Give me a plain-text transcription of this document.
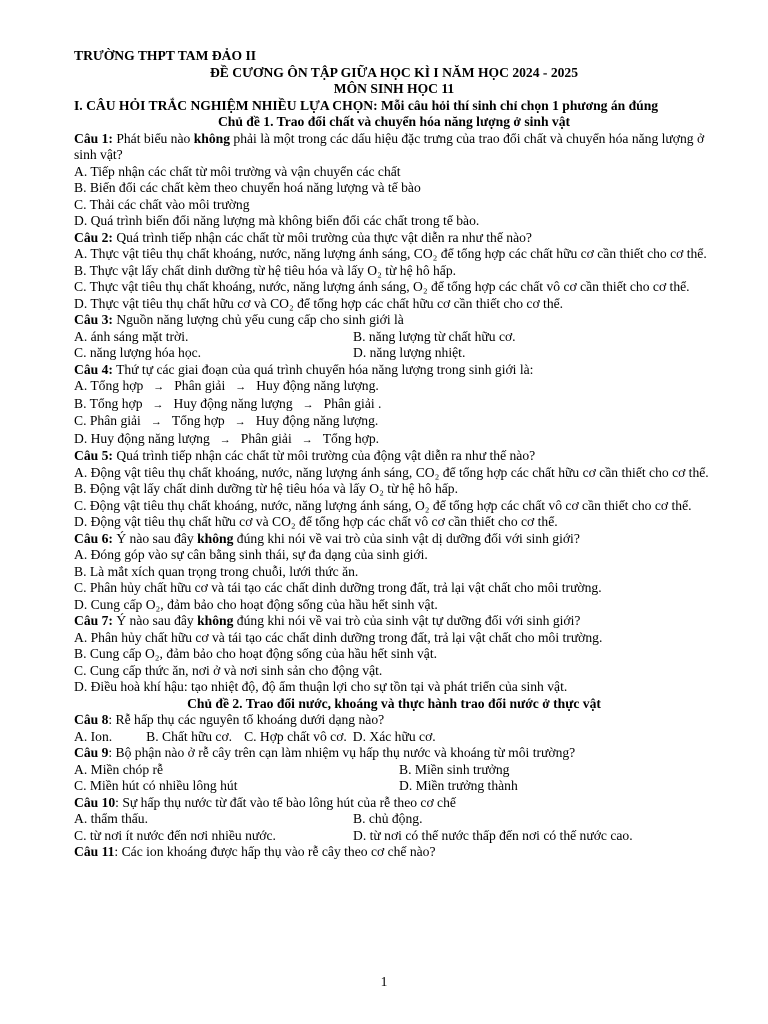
TRƯỜNG THPT TAM ĐẢO II
ĐỀ CƯƠNG ÔN TẬP GIỮA HỌC KÌ I NĂM HỌC 2024 - 2025
MÔN SINH HỌC 11
I. CÂU HỎI TRẮC NGHIỆM NHIỀU LỰA CHỌN: Mỗi câu hỏi thí sinh chỉ chọn 1 phương án đúng
Chủ đề 1. Trao đổi chất và chuyển hóa năng lượng ở sinh vật
Câu 1: Phát biểu nào không phải là một trong các dấu hiệu đặc trưng của trao đổi chất và chuyển hóa năng lượng ở sinh vật?
A. Tiếp nhận các chất từ môi trường và vận chuyển các chất
B. Biến đổi các chất kèm theo chuyển hoá năng lượng và tế bào
C. Thải các chất vào môi trường
D. Quá trình biến đổi năng lượng mà không biến đổi các chất trong tế bào.
Câu 2: Quá trình tiếp nhận các chất từ môi trường của thực vật diễn ra như thế nào?
A. Thực vật tiêu thụ chất khoáng, nước, năng lượng ánh sáng, CO₂ để tổng hợp các chất hữu cơ cần thiết cho cơ thể.
B. Thực vật lấy chất dinh dưỡng từ hệ tiêu hóa và lấy O₂ từ hệ hô hấp.
C. Thực vật tiêu thụ chất khoáng, nước, năng lượng ánh sáng, O₂ để tổng hợp các chất vô cơ cần thiết cho cơ thể.
D. Thực vật tiêu thụ chất hữu cơ và CO₂ để tổng hợp các chất hữu cơ cần thiết cho cơ thể.
Câu 3: Nguồn năng lượng chủ yếu cung cấp cho sinh giới là
A. ánh sáng mặt trời.	B. năng lượng từ chất hữu cơ.
C. năng lượng hóa học.	D. năng lượng nhiệt.
Câu 4: Thứ tự các giai đoạn của quá trình chuyển hóa năng lượng trong sinh giới là:
A. Tổng hợp → Phân giải → Huy động năng lượng.
B. Tổng hợp → Huy động năng lượng → Phân giải .
C. Phân giải → Tổng hợp → Huy động năng lượng.
D. Huy động năng lượng → Phân giải → Tổng hợp.
Câu 5: Quá trình tiếp nhận các chất từ môi trường của động vật diễn ra như thế nào?
A. Động vật tiêu thụ chất khoáng, nước, năng lượng ánh sáng, CO₂ để tổng hợp các chất hữu cơ cần thiết cho cơ thể.
B. Động vật lấy chất dinh dưỡng từ hệ tiêu hóa và lấy O₂ từ hệ hô hấp.
C. Động vật tiêu thụ chất khoáng, nước, năng lượng ánh sáng, O₂ để tổng hợp các chất vô cơ cần thiết cho cơ thể.
D. Động vật tiêu thụ chất hữu cơ và CO₂ để tổng hợp các chất vô cơ cần thiết cho cơ thể.
Câu 6: Ý nào sau đây không đúng khi nói về vai trò của sinh vật dị dưỡng đối với sinh giới?
A. Đóng góp vào sự cân bằng sinh thái, sự đa dạng của sinh giới.
B. Là mắt xích quan trọng trong chuỗi, lưới thức ăn.
C. Phân hủy chất hữu cơ và tái tạo các chất dinh dưỡng trong đất, trả lại vật chất cho môi trường.
D. Cung cấp O₂, đảm bảo cho hoạt động sống của hầu hết sinh vật.
Câu 7: Ý nào sau đây không đúng khi nói về vai trò của sinh vật tự dưỡng đối với sinh giới?
A. Phân hủy chất hữu cơ và tái tạo các chất dinh dưỡng trong đất, trả lại vật chất cho môi trường.
B. Cung cấp O₂, đảm bảo cho hoạt động sống của hầu hết sinh vật.
C. Cung cấp thức ăn, nơi ở và nơi sinh sản cho động vật.
D. Điều hoà khí hậu: tạo nhiệt độ, độ ẩm thuận lợi cho sự tồn tại và phát triển của sinh vật.
Chủ đề 2. Trao đổi nước, khoáng và thực hành trao đổi nước ở thực vật
Câu 8: Rễ hấp thụ các nguyên tố khoáng dưới dạng nào?
A. Ion.	B. Chất hữu cơ. C. Hợp chất vô cơ. D. Xác hữu cơ.
Câu 9: Bộ phận nào ở rễ cây trên cạn làm nhiệm vụ hấp thụ nước và khoáng từ môi trường?
A. Miền chóp rễ	B. Miền sinh trưởng
C. Miền hút có nhiều lông hút	D. Miền trưởng thành
Câu 10: Sự hấp thụ nước từ đất vào tế bào lông hút của rễ theo cơ chế
A. thẩm thấu.	B. chủ động.
C. từ nơi ít nước đến nơi nhiều nước.	D. từ nơi có thế nước thấp đến nơi có thế nước cao.
Câu 11: Các ion khoáng được hấp thụ vào rễ cây theo cơ chế nào?
1
